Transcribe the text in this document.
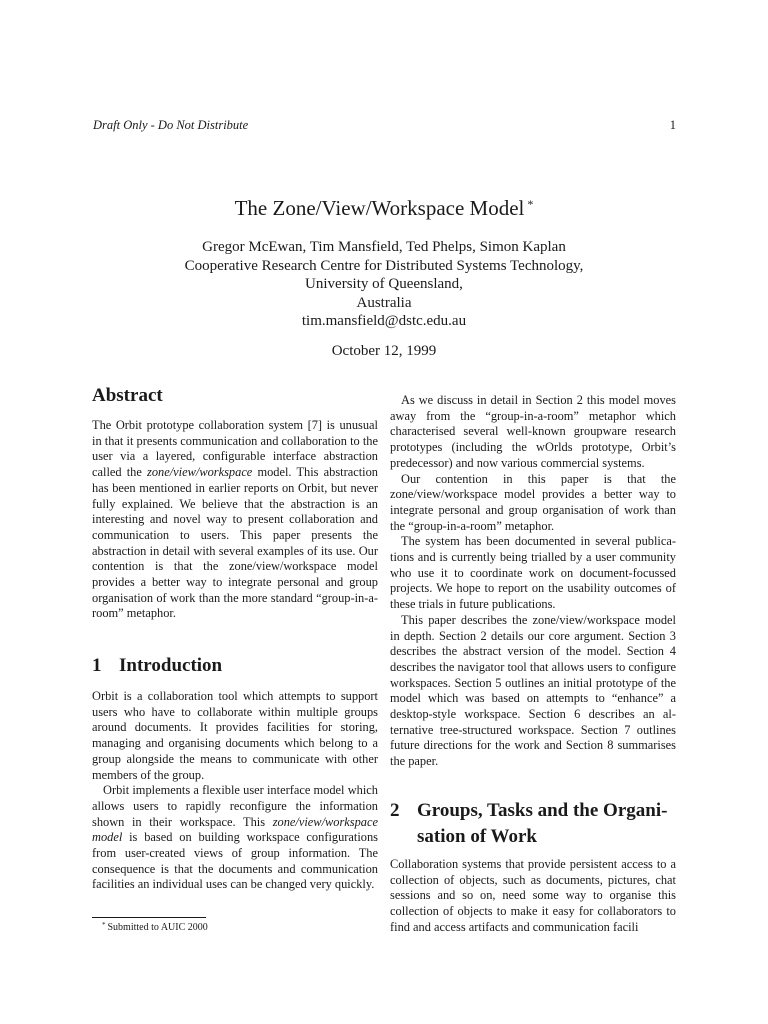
Draft Only - Do Not Distribute	1
The Zone/View/Workspace Model *
Gregor McEwan, Tim Mansfield, Ted Phelps, Simon Kaplan
Cooperative Research Centre for Distributed Systems Technology,
University of Queensland,
Australia
tim.mansfield@dstc.edu.au
October 12, 1999
Abstract

The Orbit prototype collaboration system [7] is unusual in that it presents communication and collaboration to the user via a layered, configurable interface abstraction called the zone/view/workspace model. This abstraction has been mentioned in earlier reports on Orbit, but never fully explained. We believe that the abstraction is an interesting and novel way to present collaboration and communication to users. This paper presents the abstraction in detail with several examples of its use. Our contention is that the zone/view/workspace model provides a better way to integrate personal and group organisation of work than the more standard “group-in-a-room” metaphor.

1 Introduction

Orbit is a collaboration tool which attempts to support users who have to collaborate within multiple groups around documents. It provides facilities for storing, managing and organising documents which belong to a group alongside the means to communicate with other members of the group.

Orbit implements a flexible user interface model which allows users to rapidly reconfigure the information shown in their workspace. This zone/view/workspace model is based on building workspace configurations from user-created views of group information. The consequence is that the documents and communication facilities an individual uses can be changed very quickly.

* Submitted to AUIC 2000

As we discuss in detail in Section 2 this model moves away from the “group-in-a-room” metaphor which characterised several well-known groupware research prototypes (including the wOrlds prototype, Orbit’s predecessor) and now various commercial systems.

Our contention in this paper is that the zone/view/workspace model provides a better way to integrate personal and group organisation of work than the “group-in-a-room” metaphor.

The system has been documented in several publications and is currently being trialled by a user community who use it to coordinate work on document-focussed projects. We hope to report on the usability outcomes of these trials in future publications.

This paper describes the zone/view/workspace model in depth. Section 2 details our core argument. Section 3 describes the abstract version of the model. Section 4 describes the navigator tool that allows users to configure workspaces. Section 5 outlines an initial prototype of the model which was based on attempts to “enhance” a desktop-style workspace. Section 6 describes an alternative tree-structured workspace. Section 7 outlines future directions for the work and Section 8 summarises the paper.

2 Groups, Tasks and the Organisation of Work

Collaboration systems that provide persistent access to a collection of objects, such as documents, pictures, chat sessions and so on, need some way to organise this collection of objects to make it easy for collaborators to find and access artifacts and communication facili
